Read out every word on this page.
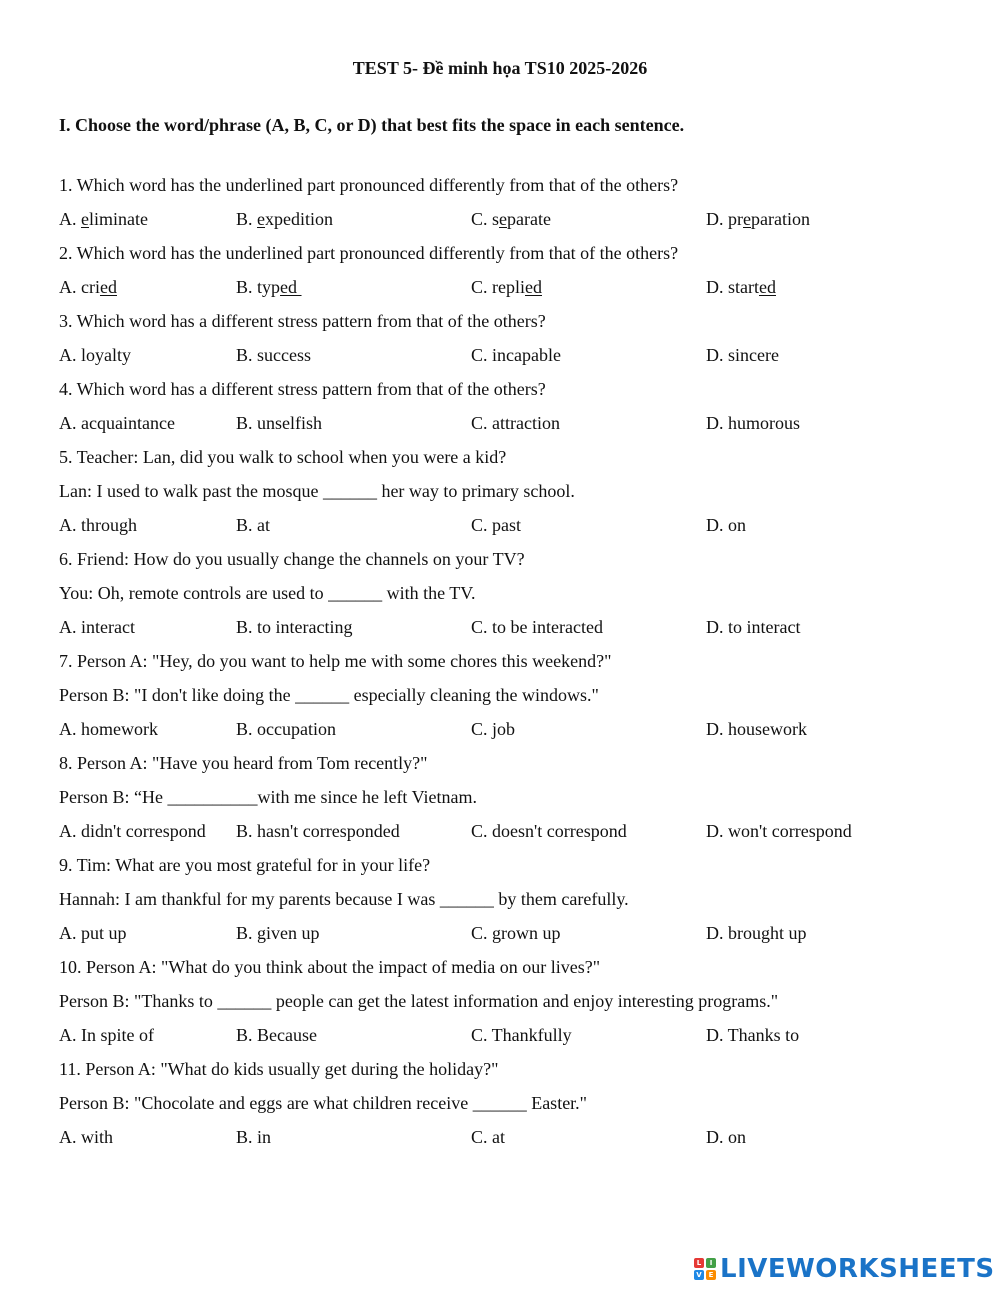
TEST 5- Đề minh họa TS10 2025-2026
I. Choose the word/phrase (A, B, C, or D) that best fits the space in each sentence.
1. Which word has the underlined part pronounced differently from that of the others?
A. eliminate	B. expedition	C. separate	D. preparation
2. Which word has the underlined part pronounced differently from that of the others?
A. cried	B. typed	C. replied	D. started
3. Which word has a different stress pattern from that of the others?
A. loyalty	B. success	C. incapable	D. sincere
4. Which word has a different stress pattern from that of the others?
A. acquaintance	B. unselfish	C. attraction	D. humorous
5. Teacher: Lan, did you walk to school when you were a kid?
Lan: I used to walk past the mosque ______ her way to primary school.
A. through	B. at	C. past	D. on
6. Friend: How do you usually change the channels on your TV?
You: Oh, remote controls are used to ______ with the TV.
A. interact	B. to interacting	C. to be interacted	D. to interact
7. Person A: "Hey, do you want to help me with some chores this weekend?"
Person B: "I don't like doing the ______ especially cleaning the windows."
A. homework	B. occupation	C. job	D. housework
8. Person A: "Have you heard from Tom recently?"
Person B: “He __________with me since he left Vietnam.
A. didn't correspond B. hasn't corresponded	C. doesn't correspond	D. won't correspond
9. Tim: What are you most grateful for in your life?
Hannah: I am thankful for my parents because I was ______ by them carefully.
A. put up	B. given up	C. grown up	D. brought up
10. Person A: "What do you think about the impact of media on our lives?"
Person B: "Thanks to ______ people can get the latest information and enjoy interesting programs."
A. In spite of	B. Because	C. Thankfully	D. Thanks to
11. Person A: "What do kids usually get during the holiday?"
Person B: "Chocolate and eggs are what children receive ______ Easter."
A. with	B. in	C. at	D. on
L	I
V E LIVEWORKSHEETS
